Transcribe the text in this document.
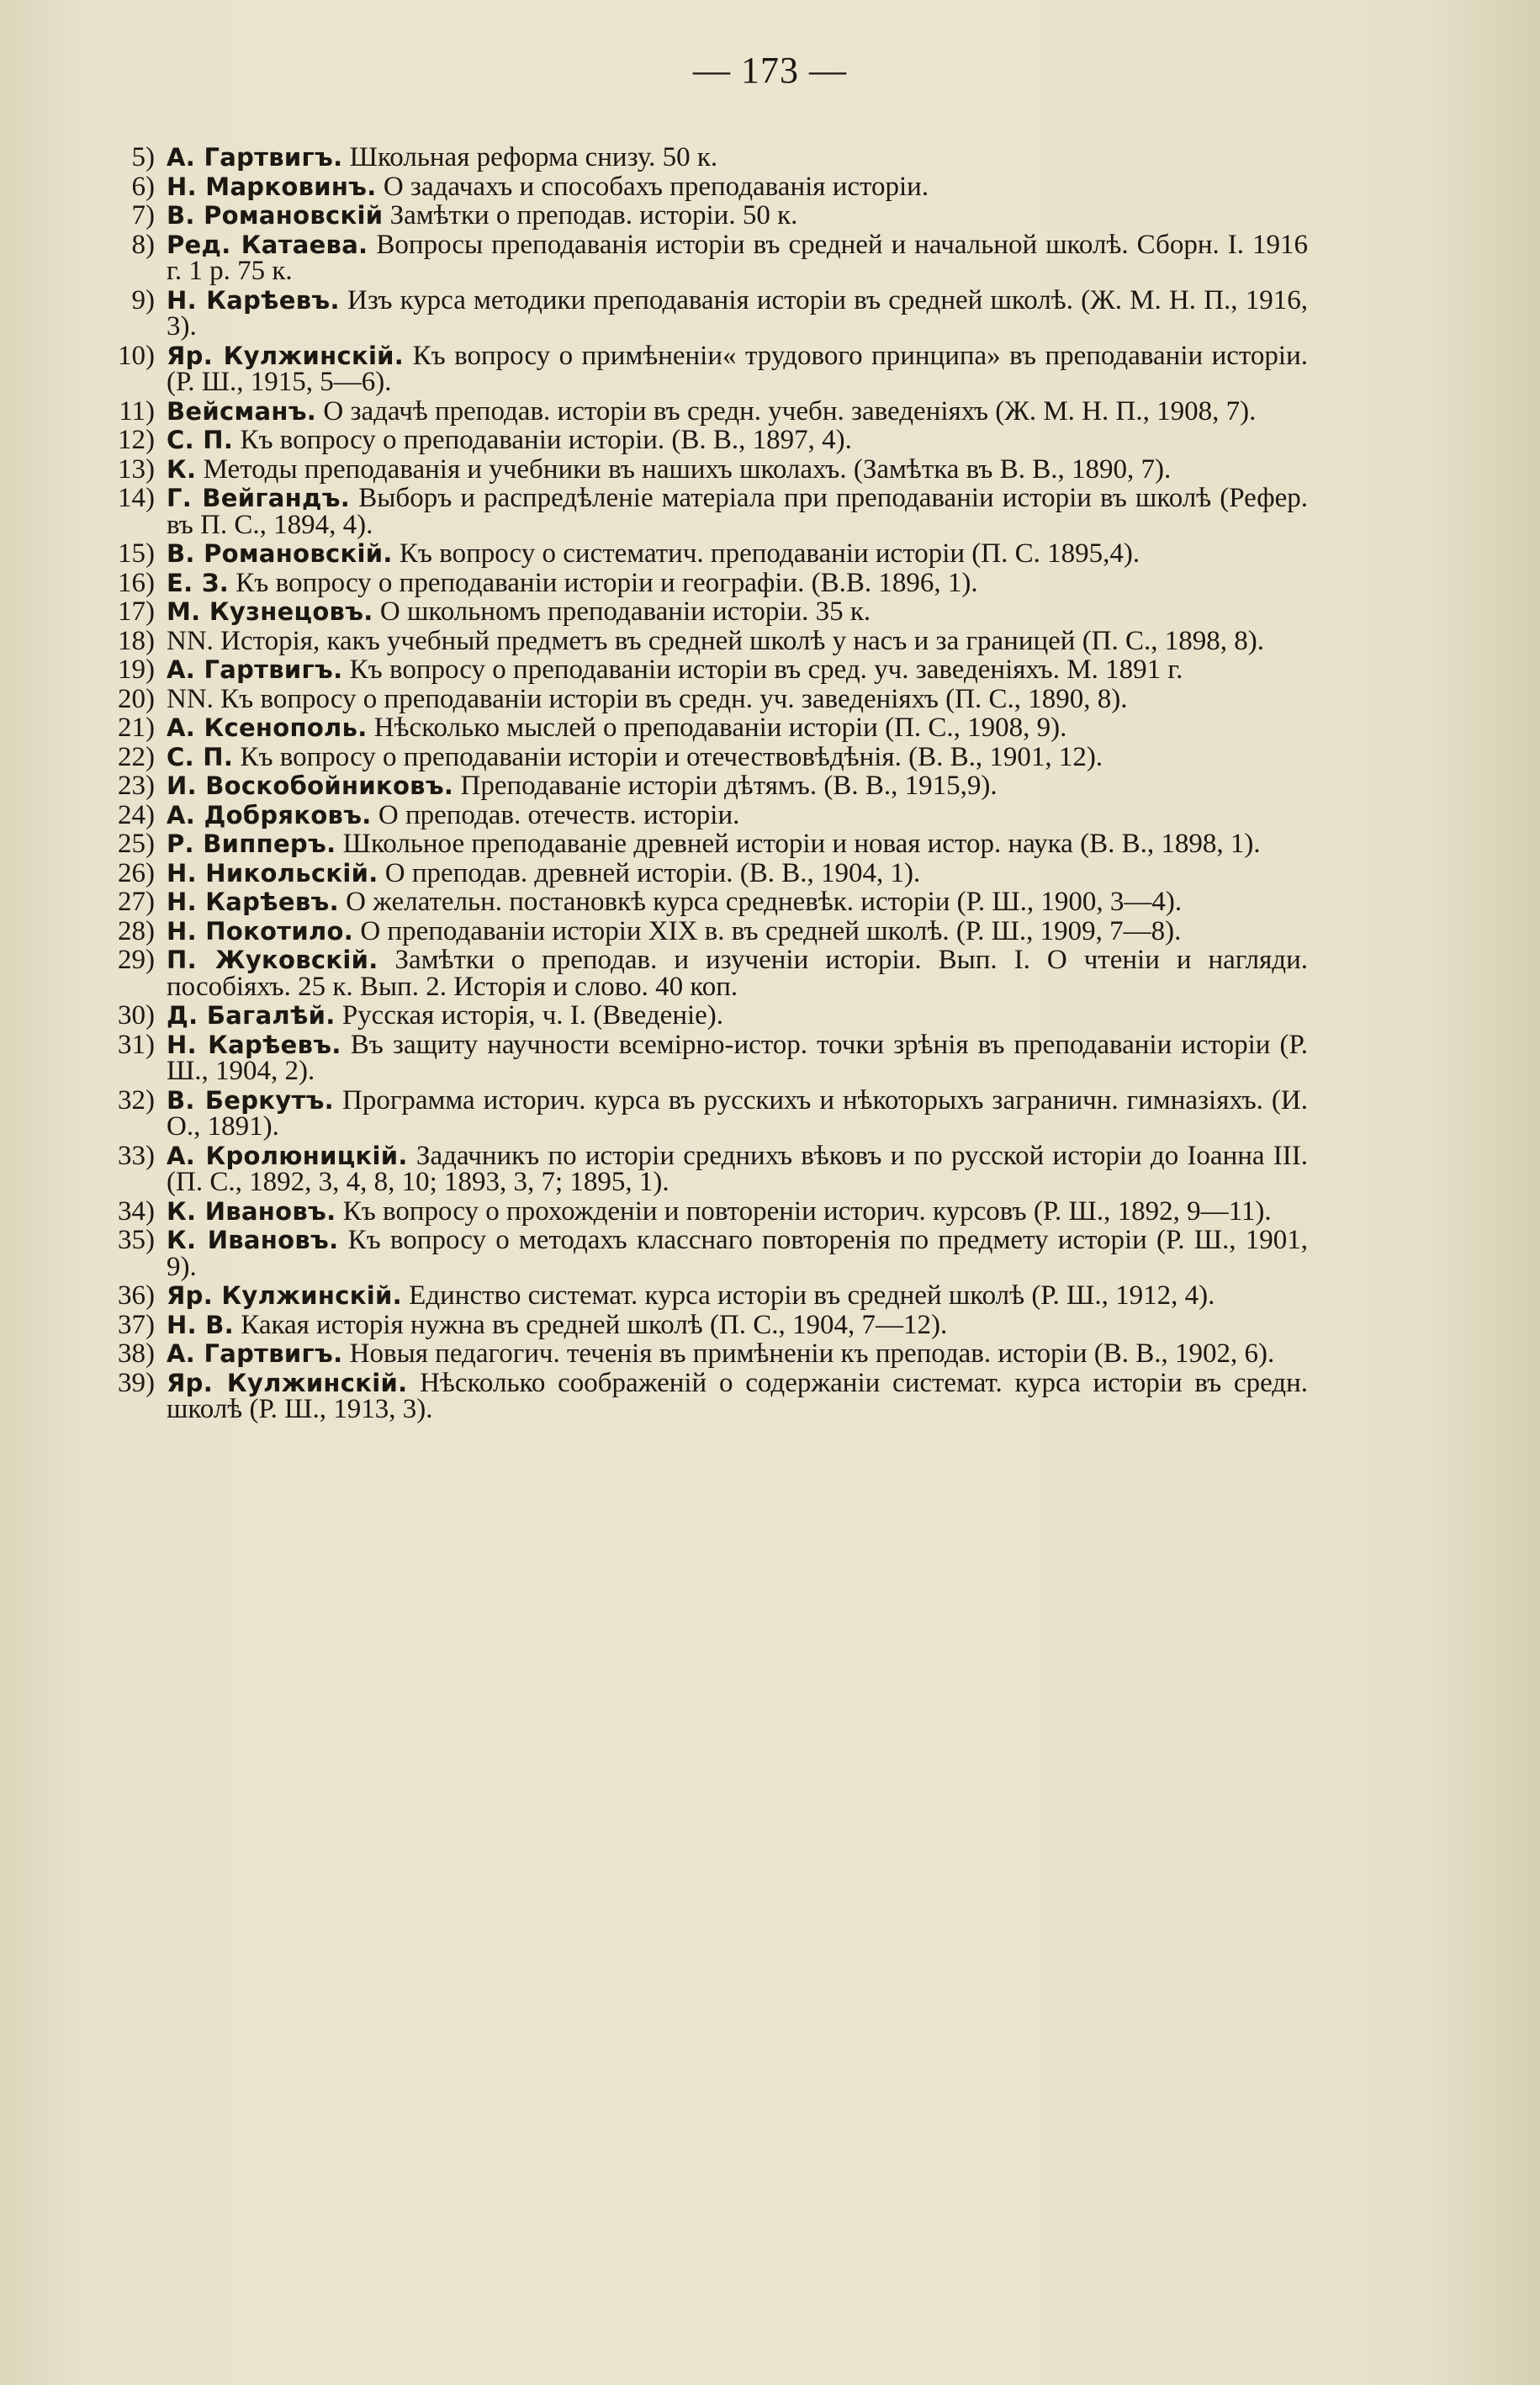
— 173 —
5) А. Гартвигъ. Школьная реформа снизу. 50 к.
6) Н. Марковинъ. О задачахъ и способахъ преподаванія исторіи.
7) В. Романовскій Замѣтки о преподав. исторіи. 50 к.
8) Ред. Катаева. Вопросы преподаванія исторіи въ средней и начальной школѣ. Сборн. I. 1916 г. 1 р. 75 к.
9) Н. Карѣевъ. Изъ курса методики преподаванія исторіи въ средней школѣ. (Ж. М. Н. П., 1916, 3).
10) Яр. Кулжинскій. Къ вопросу о примѣненіи« трудового принципа» въ преподаваніи исторіи. (Р. Ш., 1915, 5—6).
11) Вейсманъ. О задачѣ преподав. исторіи въ средн. учебн. заведеніяхъ (Ж. М. Н. П., 1908, 7).
12) С. П. Къ вопросу о преподаваніи исторіи. (В. В., 1897, 4).
13) К. Методы преподаванія и учебники въ нашихъ школахъ. (Замѣтка въ В. В., 1890, 7).
14) Г. Вейгандъ. Выборъ и распредѣленіе матеріала при преподаваніи исторіи въ школѣ (Рефер. въ П. С., 1894, 4).
15) В. Романовскій. Къ вопросу о систематич. преподаваніи исторіи (П. С. 1895,4).
16) Е. З. Къ вопросу о преподаваніи исторіи и географіи. (В.В. 1896, 1).
17) М. Кузнецовъ. О школьномъ преподаваніи исторіи. 35 к.
18) NN. Исторія, какъ учебный предметъ въ средней школѣ у насъ и за границей (П. С., 1898, 8).
19) А. Гартвигъ. Къ вопросу о преподаваніи исторіи въ сред. уч. заведеніяхъ. М. 1891 г.
20) NN. Къ вопросу о преподаваніи исторіи въ средн. уч. заведеніяхъ (П. С., 1890, 8).
21) А. Ксенополь. Нѣсколько мыслей о преподаваніи исторіи (П. С., 1908, 9).
22) С. П. Къ вопросу о преподаваніи исторіи и отечествовѣдѣнія. (В. В., 1901, 12).
23) И. Воскобойниковъ. Преподаваніе исторіи дѣтямъ. (В. В., 1915,9).
24) А. Добряковъ. О преподав. отечеств. исторіи.
25) Р. Випперъ. Школьное преподаваніе древней исторіи и новая истор. наука (В. В., 1898, 1).
26) Н. Никольскій. О преподав. древней исторіи. (В. В., 1904, 1).
27) Н. Карѣевъ. О желательн. постановкѣ курса средневѣк. исторіи (Р. Ш., 1900, 3—4).
28) Н. Покотило. О преподаваніи исторіи XIX в. въ средней школѣ. (Р. Ш., 1909, 7—8).
29) П. Жуковскій. Замѣтки о преподав. и изученіи исторіи. Вып. I. О чтеніи и нагляди. пособіяхъ. 25 к. Вып. 2. Исторія и слово. 40 коп.
30) Д. Багалѣй. Русская исторія, ч. I. (Введеніе).
31) Н. Карѣевъ. Въ защиту научности всемірно-истор. точки зрѣнія въ преподаваніи исторіи (Р. Ш., 1904, 2).
32) В. Беркутъ. Программа историч. курса въ русскихъ и нѣкоторыхъ заграничн. гимназіяхъ. (И. О., 1891).
33) А. Кролюницкій. Задачникъ по исторіи среднихъ вѣковъ и по русской исторіи до Іоанна III. (П. С., 1892, 3, 4, 8, 10; 1893, 3, 7; 1895, 1).
34) К. Ивановъ. Къ вопросу о прохожденіи и повтореніи историч. курсовъ (Р. Ш., 1892, 9—11).
35) К. Ивановъ. Къ вопросу о методахъ класснаго повторенія по предмету исторіи (Р. Ш., 1901, 9).
36) Яр. Кулжинскій. Единство системат. курса исторіи въ средней школѣ (Р. Ш., 1912, 4).
37) Н. В. Какая исторія нужна въ средней школѣ (П. С., 1904, 7—12).
38) А. Гартвигъ. Новыя педагогич. теченія въ примѣненіи къ преподав. исторіи (В. В., 1902, 6).
39) Яр. Кулжинскій. Нѣсколько соображеній о содержаніи системат. курса исторіи въ средн. школѣ (Р. Ш., 1913, 3).
